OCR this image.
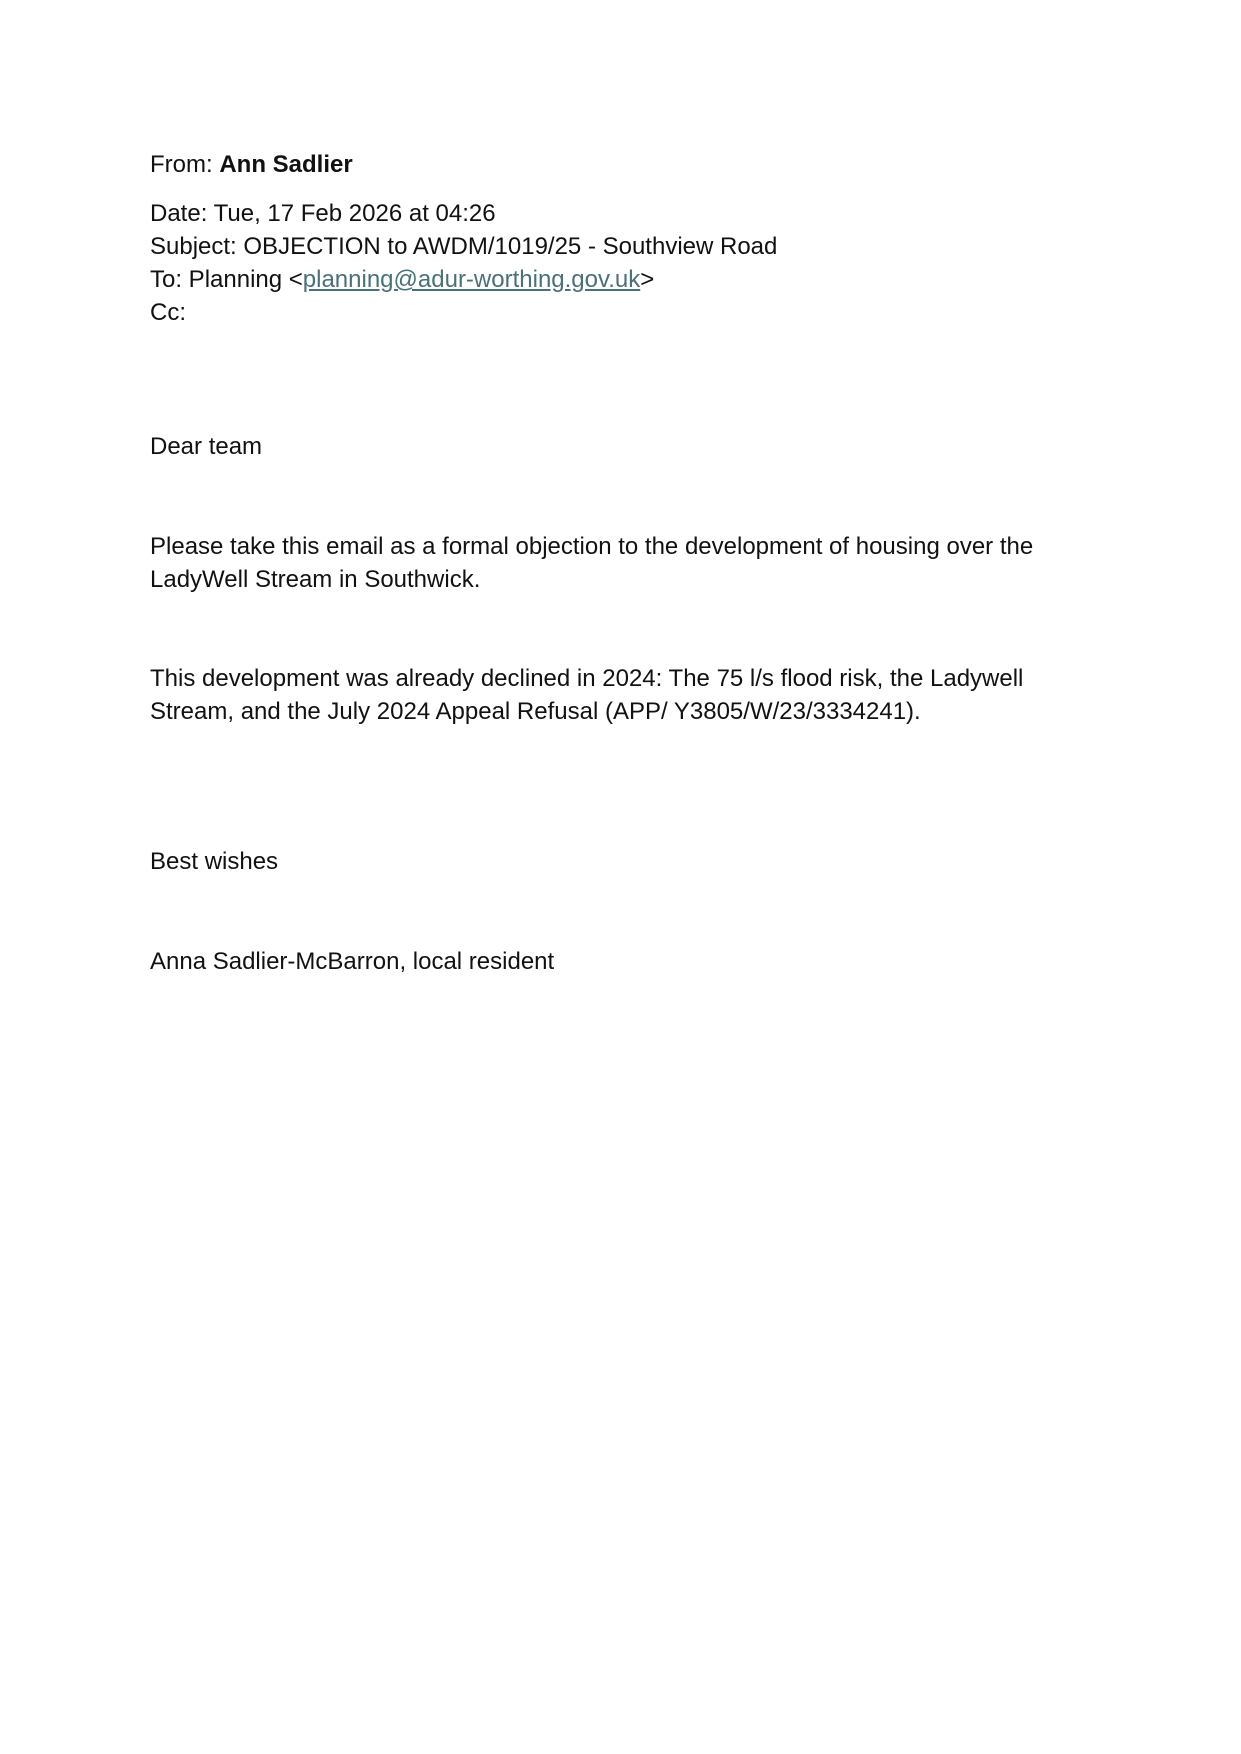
From: Ann Sadlier
Date: Tue, 17 Feb 2026 at 04:26
Subject: OBJECTION to AWDM/1019/25 - Southview Road
To: Planning <planning@adur-worthing.gov.uk>
Cc:
Dear team
Please take this email as a formal objection to the development of housing over the LadyWell Stream in Southwick.
This development was already declined in 2024: The 75 l/s flood risk, the Ladywell Stream, and the July 2024 Appeal Refusal (APP/ Y3805/W/23/3334241).
Best wishes
Anna Sadlier-McBarron, local resident
